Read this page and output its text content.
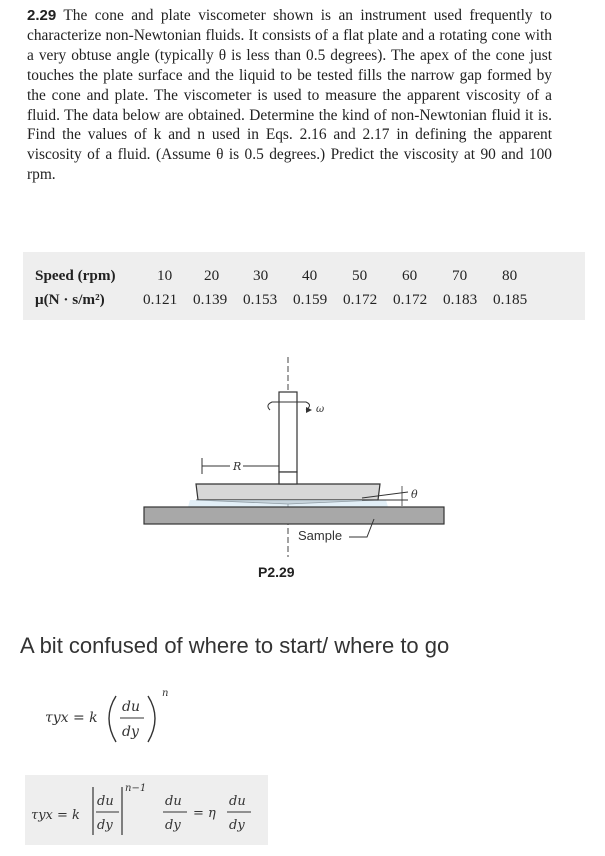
2.29 The cone and plate viscometer shown is an instrument used frequently to characterize non-Newtonian fluids. It consists of a flat plate and a rotating cone with a very obtuse angle (typically θ is less than 0.5 degrees). The apex of the cone just touches the plate surface and the liquid to be tested fills the narrow gap formed by the cone and plate. The viscometer is used to measure the apparent viscosity of a fluid. The data below are obtained. Determine the kind of non-Newtonian fluid it is. Find the values of k and n used in Eqs. 2.16 and 2.17 in defining the apparent viscosity of a fluid. (Assume θ is 0.5 degrees.) Predict the viscosity at 90 and 100 rpm.
Speed (rpm)	10 20 30 40 50 60 70 80
μ(N · s/m²)	0.121 0.139 0.153 0.159 0.172 0.172 0.183 0.185
ω
R
θ
Sample
P2.29
A bit confused of where to start/ where to go
τyx = k
du
dy
n
τyx = k
du
dy
n−1
du
dy
= η
du
dy
